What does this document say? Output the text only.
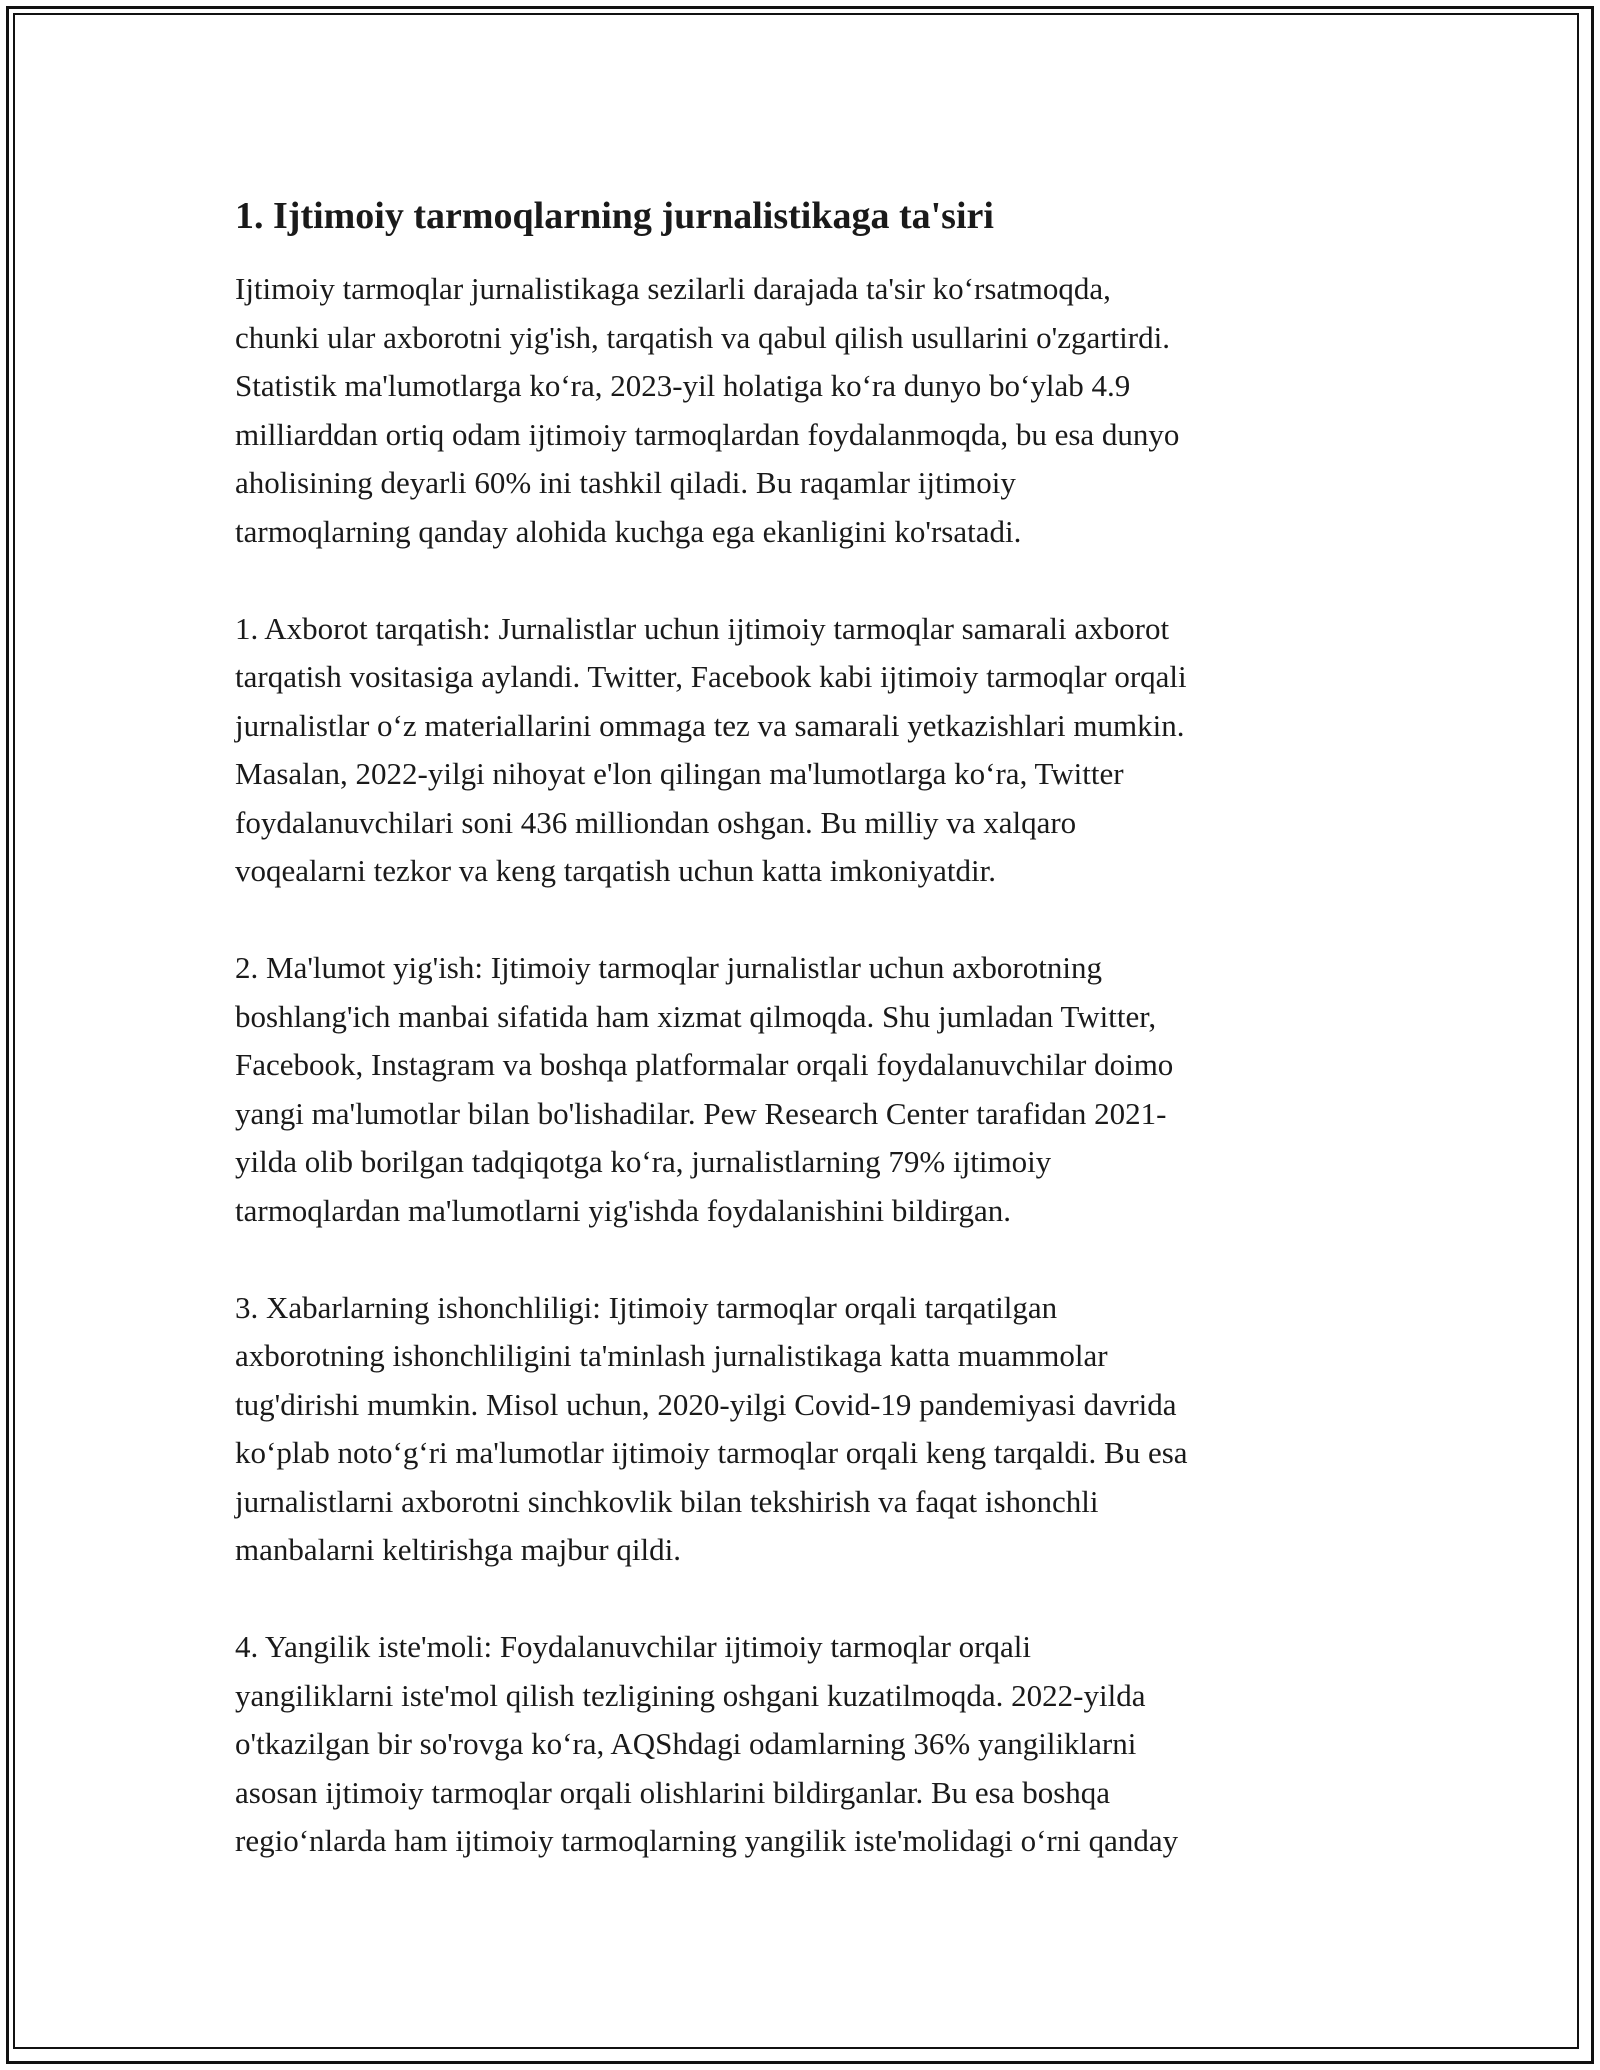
1. Ijtimoiy tarmoqlarning jurnalistikaga ta'siri

Ijtimoiy tarmoqlar jurnalistikaga sezilarli darajada ta'sir ko‘rsatmoqda,
chunki ular axborotni yig'ish, tarqatish va qabul qilish usullarini o'zgartirdi.
Statistik ma'lumotlarga ko‘ra, 2023-yil holatiga ko‘ra dunyo bo‘ylab 4.9
milliarddan ortiq odam ijtimoiy tarmoqlardan foydalanmoqda, bu esa dunyo
aholisining deyarli 60% ini tashkil qiladi. Bu raqamlar ijtimoiy
tarmoqlarning qanday alohida kuchga ega ekanligini ko'rsatadi.

1. Axborot tarqatish: Jurnalistlar uchun ijtimoiy tarmoqlar samarali axborot
tarqatish vositasiga aylandi. Twitter, Facebook kabi ijtimoiy tarmoqlar orqali
jurnalistlar o‘z materiallarini ommaga tez va samarali yetkazishlari mumkin.
Masalan, 2022-yilgi nihoyat e'lon qilingan ma'lumotlarga ko‘ra, Twitter
foydalanuvchilari soni 436 milliondan oshgan. Bu milliy va xalqaro
voqealarni tezkor va keng tarqatish uchun katta imkoniyatdir.

2. Ma'lumot yig'ish: Ijtimoiy tarmoqlar jurnalistlar uchun axborotning
boshlang'ich manbai sifatida ham xizmat qilmoqda. Shu jumladan Twitter,
Facebook, Instagram va boshqa platformalar orqali foydalanuvchilar doimo
yangi ma'lumotlar bilan bo'lishadilar. Pew Research Center tarafidan 2021-
yilda olib borilgan tadqiqotga ko‘ra, jurnalistlarning 79% ijtimoiy
tarmoqlardan ma'lumotlarni yig'ishda foydalanishini bildirgan.

3. Xabarlarning ishonchliligi: Ijtimoiy tarmoqlar orqali tarqatilgan
axborotning ishonchliligini ta'minlash jurnalistikaga katta muammolar
tug'dirishi mumkin. Misol uchun, 2020-yilgi Covid-19 pandemiyasi davrida
ko‘plab noto‘g‘ri ma'lumotlar ijtimoiy tarmoqlar orqali keng tarqaldi. Bu esa
jurnalistlarni axborotni sinchkovlik bilan tekshirish va faqat ishonchli
manbalarni keltirishga majbur qildi.

4. Yangilik iste'moli: Foydalanuvchilar ijtimoiy tarmoqlar orqali
yangiliklarni iste'mol qilish tezligining oshgani kuzatilmoqda. 2022-yilda
o'tkazilgan bir so'rovga ko‘ra, AQShdagi odamlarning 36% yangiliklarni
asosan ijtimoiy tarmoqlar orqali olishlarini bildirganlar. Bu esa boshqa
regio‘nlarda ham ijtimoiy tarmoqlarning yangilik iste'molidagi o‘rni qanday
